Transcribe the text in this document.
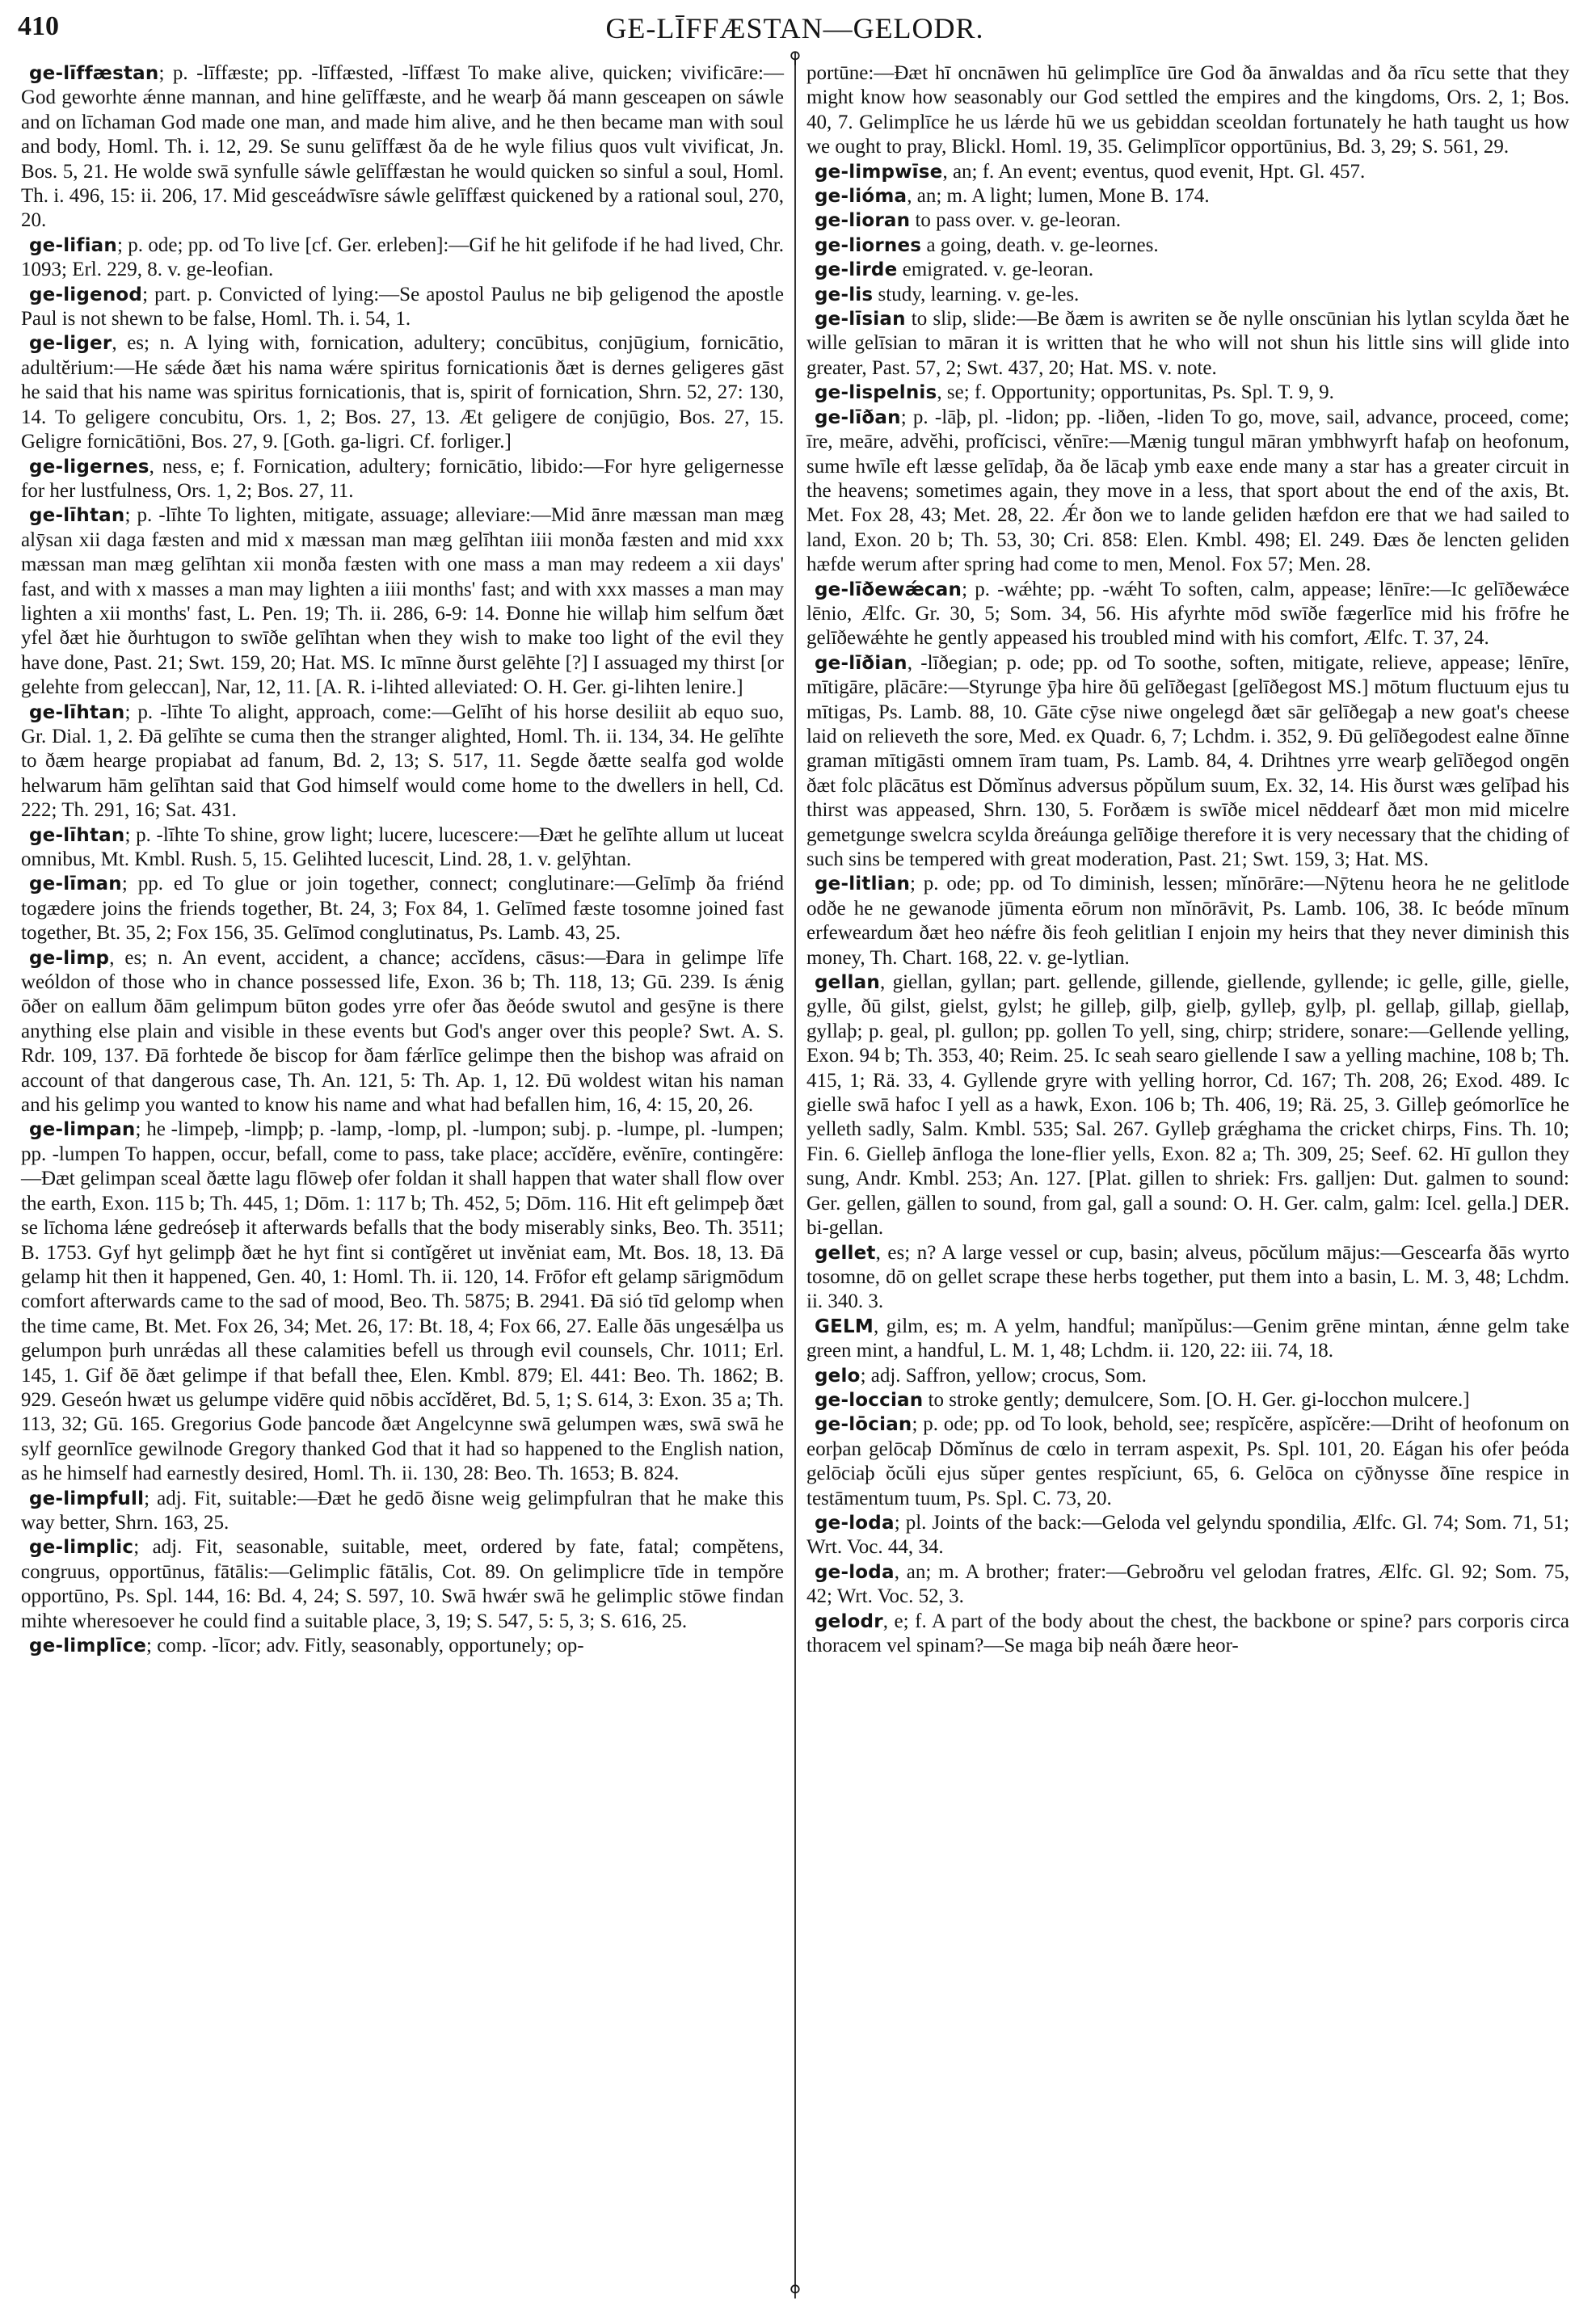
410	GE-LĪFFÆSTAN—GELODR.
⚲
⚲

ge-līffæstan; p. -līffæste; pp. -līffæsted, -līffæst To make alive, quicken; vivificāre:—God geworhte ǽnne mannan, and hine gelīffæste, and he wearþ ðá mann gesceapen on sáwle and on līchaman God made one man, and made him alive, and he then became man with soul and body, Homl. Th. i. 12, 29. Se sunu gelīffæst ða de he wyle filius quos vult vivificat, Jn. Bos. 5, 21. He wolde swā synfulle sáwle gelīffæstan he would quicken so sinful a soul, Homl. Th. i. 496, 15: ii. 206, 17. Mid gesceádwīsre sáwle gelīffæst quickened by a rational soul, 270, 20.

ge-lifian; p. ode; pp. od To live [cf. Ger. erleben]:—Gif he hit gelifode if he had lived, Chr. 1093; Erl. 229, 8. v. ge-leofian.

ge-ligenod; part. p. Convicted of lying:—Se apostol Paulus ne biþ geligenod the apostle Paul is not shewn to be false, Homl. Th. i. 54, 1.

ge-liger, es; n. A lying with, fornication, adultery; concūbitus, conjūgium, fornicātio, adultĕrium:—He sǽde ðæt his nama wǽre spiritus fornicationis ðæt is dernes geligeres gāst he said that his name was spiritus fornicationis, that is, spirit of fornication, Shrn. 52, 27: 130, 14. To geligere concubitu, Ors. 1, 2; Bos. 27, 13. Æt geligere de conjūgio, Bos. 27, 15. Geligre fornicātiōni, Bos. 27, 9. [Goth. ga-ligri. Cf. forliger.]

ge-ligernes, ness, e; f. Fornication, adultery; fornicātio, libido:—For hyre geligernesse for her lustfulness, Ors. 1, 2; Bos. 27, 11.

ge-līhtan; p. -līhte To lighten, mitigate, assuage; alleviare:—Mid ānre mæssan man mæg alȳsan xii daga fæsten and mid x mæssan man mæg gelīhtan iiii monða fæsten and mid xxx mæssan man mæg gelīhtan xii monða fæsten with one mass a man may redeem a xii days' fast, and with x masses a man may lighten a iiii months' fast; and with xxx masses a man may lighten a xii months' fast, L. Pen. 19; Th. ii. 286, 6-9: 14. Ðonne hie willaþ him selfum ðæt yfel ðæt hie ðurhtugon to swīðe gelīhtan when they wish to make too light of the evil they have done, Past. 21; Swt. 159, 20; Hat. MS. Ic mīnne ðurst gelēhte [?] I assuaged my thirst [or gelehte from geleccan], Nar, 12, 11. [A. R. i-lihted alleviated: O. H. Ger. gi-lihten lenire.]

ge-līhtan; p. -līhte To alight, approach, come:—Gelīht of his horse desiliit ab equo suo, Gr. Dial. 1, 2. Ðā gelīhte se cuma then the stranger alighted, Homl. Th. ii. 134, 34. He gelīhte to ðæm hearge propiabat ad fanum, Bd. 2, 13; S. 517, 11. Segde ðætte sealfa god wolde helwarum hām gelīhtan said that God himself would come home to the dwellers in hell, Cd. 222; Th. 291, 16; Sat. 431.

ge-līhtan; p. -līhte To shine, grow light; lucere, lucescere:—Ðæt he gelīhte allum ut luceat omnibus, Mt. Kmbl. Rush. 5, 15. Gelihted lucescit, Lind. 28, 1. v. gelȳhtan.

ge-līman; pp. ed To glue or join together, connect; conglutinare:—Gelīmþ ða friénd togædere joins the friends together, Bt. 24, 3; Fox 84, 1. Gelīmed fæste tosomne joined fast together, Bt. 35, 2; Fox 156, 35. Gelīmod conglutinatus, Ps. Lamb. 43, 25.

ge-limp, es; n. An event, accident, a chance; accĭdens, cāsus:—Ðara in gelimpe līfe weóldon of those who in chance possessed life, Exon. 36 b; Th. 118, 13; Gū. 239. Is ǽnig ōðer on eallum ðām gelimpum būton godes yrre ofer ðas ðeóde swutol and gesȳne is there anything else plain and visible in these events but God's anger over this people? Swt. A. S. Rdr. 109, 137. Ðā forhtede ðe biscop for ðam fǽrlīce gelimpe then the bishop was afraid on account of that dangerous case, Th. An. 121, 5: Th. Ap. 1, 12. Ðū woldest witan his naman and his gelimp you wanted to know his name and what had befallen him, 16, 4: 15, 20, 26.

ge-limpan; he -limpeþ, -limpþ; p. -lamp, -lomp, pl. -lumpon; subj. p. -lumpe, pl. -lumpen; pp. -lumpen To happen, occur, befall, come to pass, take place; accĭdĕre, evĕnīre, contingĕre:—Ðæt gelimpan sceal ðætte lagu flōweþ ofer foldan it shall happen that water shall flow over the earth, Exon. 115 b; Th. 445, 1; Dōm. 1: 117 b; Th. 452, 5; Dōm. 116. Hit eft gelimpeþ ðæt se līchoma lǽne gedreóseþ it afterwards befalls that the body miserably sinks, Beo. Th. 3511; B. 1753. Gyf hyt gelimpþ ðæt he hyt fint si contĭgĕret ut invĕniat eam, Mt. Bos. 18, 13. Ðā gelamp hit then it happened, Gen. 40, 1: Homl. Th. ii. 120, 14. Frōfor eft gelamp sārigmōdum comfort afterwards came to the sad of mood, Beo. Th. 5875; B. 2941. Ðā sió tīd gelomp when the time came, Bt. Met. Fox 26, 34; Met. 26, 17: Bt. 18, 4; Fox 66, 27. Ealle ðās ungesǽlþa us gelumpon þurh unrǽdas all these calamities befell us through evil counsels, Chr. 1011; Erl. 145, 1. Gif ðē ðæt gelimpe if that befall thee, Elen. Kmbl. 879; El. 441: Beo. Th. 1862; B. 929. Geseón hwæt us gelumpe vidēre quid nōbis accĭdĕret, Bd. 5, 1; S. 614, 3: Exon. 35 a; Th. 113, 32; Gū. 165. Gregorius Gode þancode ðæt Angelcynne swā gelumpen wæs, swā swā he sylf geornlīce gewilnode Gregory thanked God that it had so happened to the English nation, as he himself had earnestly desired, Homl. Th. ii. 130, 28: Beo. Th. 1653; B. 824.

ge-limpfull; adj. Fit, suitable:—Ðæt he gedō ðisne weig gelimpfulran that he make this way better, Shrn. 163, 25.

ge-limplic; adj. Fit, seasonable, suitable, meet, ordered by fate, fatal; compĕtens, congruus, opportūnus, fātālis:—Gelimplic fātālis, Cot. 89. On gelimplicre tīde in tempŏre opportūno, Ps. Spl. 144, 16: Bd. 4, 24; S. 597, 10. Swā hwǽr swā he gelimplic stōwe findan mihte wheresoever he could find a suitable place, 3, 19; S. 547, 5: 5, 3; S. 616, 25.

ge-limplīce; comp. -līcor; adv. Fitly, seasonably, opportunely; op-

portūne:—Ðæt hī oncnāwen hū gelimplīce ūre God ða ānwaldas and ða rīcu sette that they might know how seasonably our God settled the empires and the kingdoms, Ors. 2, 1; Bos. 40, 7. Gelimplīce he us lǽrde hū we us gebiddan sceoldan fortunately he hath taught us how we ought to pray, Blickl. Homl. 19, 35. Gelimplīcor opportūnius, Bd. 3, 29; S. 561, 29.

ge-limpwīse, an; f. An event; eventus, quod evenit, Hpt. Gl. 457.

ge-lióma, an; m. A light; lumen, Mone B. 174.

ge-lioran to pass over. v. ge-leoran.

ge-liornes a going, death. v. ge-leornes.

ge-lirde emigrated. v. ge-leoran.

ge-lis study, learning. v. ge-les.

ge-līsian to slip, slide:—Be ðæm is awriten se ðe nylle onscūnian his lytlan scylda ðæt he wille gelīsian to māran it is written that he who will not shun his little sins will glide into greater, Past. 57, 2; Swt. 437, 20; Hat. MS. v. note.

ge-lispelnis, se; f. Opportunity; opportunitas, Ps. Spl. T. 9, 9.

ge-līðan; p. -lāþ, pl. -lidon; pp. -liðen, -liden To go, move, sail, advance, proceed, come; īre, meāre, advĕhi, profĭcisci, vĕnīre:—Mænig tungul māran ymbhwyrft hafaþ on heofonum, sume hwīle eft læsse gelīdaþ, ða ðe lācaþ ymb eaxe ende many a star has a greater circuit in the heavens; sometimes again, they move in a less, that sport about the end of the axis, Bt. Met. Fox 28, 43; Met. 28, 22. Ǽr ðon we to lande geliden hæfdon ere that we had sailed to land, Exon. 20 b; Th. 53, 30; Cri. 858: Elen. Kmbl. 498; El. 249. Ðæs ðe lencten geliden hæfde werum after spring had come to men, Menol. Fox 57; Men. 28.

ge-līðewǽcan; p. -wǽhte; pp. -wǽht To soften, calm, appease; lēnīre:—Ic gelīðewǽce lēnio, Ælfc. Gr. 30, 5; Som. 34, 56. His afyrhte mōd swīðe fægerlīce mid his frōfre he gelīðewǽhte he gently appeased his troubled mind with his comfort, Ælfc. T. 37, 24.

ge-līðian, -līðegian; p. ode; pp. od To soothe, soften, mitigate, relieve, appease; lēnīre, mītigāre, plācāre:—Styrunge ȳþa hire ðū gelīðegast [gelīðegost MS.] mōtum fluctuum ejus tu mītigas, Ps. Lamb. 88, 10. Gāte cȳse niwe ongelegd ðæt sār gelīðegaþ a new goat's cheese laid on relieveth the sore, Med. ex Quadr. 6, 7; Lchdm. i. 352, 9. Ðū gelīðegodest ealne ðīnne graman mītigāsti omnem īram tuam, Ps. Lamb. 84, 4. Drihtnes yrre wearþ gelīðegod ongēn ðæt folc plācātus est Dŏmĭnus adversus pŏpŭlum suum, Ex. 32, 14. His ðurst wæs gelīþad his thirst was appeased, Shrn. 130, 5. Forðæm is swīðe micel nēddearf ðæt mon mid micelre gemetgunge swelcra scylda ðreáunga gelīðige therefore it is very necessary that the chiding of such sins be tempered with great moderation, Past. 21; Swt. 159, 3; Hat. MS.

ge-litlian; p. ode; pp. od To diminish, lessen; mĭnōrāre:—Nȳtenu heora he ne gelitlode odðe he ne gewanode jūmenta eōrum non mĭnōrāvit, Ps. Lamb. 106, 38. Ic beóde mīnum erfeweardum ðæt heo nǽfre ðis feoh gelitlian I enjoin my heirs that they never diminish this money, Th. Chart. 168, 22. v. ge-lytlian.

gellan, giellan, gyllan; part. gellende, gillende, giellende, gyllende; ic gelle, gille, gielle, gylle, ðū gilst, gielst, gylst; he gilleþ, gilþ, gielþ, gylleþ, gylþ, pl. gellaþ, gillaþ, giellaþ, gyllaþ; p. geal, pl. gullon; pp. gollen To yell, sing, chirp; stridere, sonare:—Gellende yelling, Exon. 94 b; Th. 353, 40; Reim. 25. Ic seah searo giellende I saw a yelling machine, 108 b; Th. 415, 1; Rä. 33, 4. Gyllende gryre with yelling horror, Cd. 167; Th. 208, 26; Exod. 489. Ic gielle swā hafoc I yell as a hawk, Exon. 106 b; Th. 406, 19; Rä. 25, 3. Gilleþ geómorlīce he yelleth sadly, Salm. Kmbl. 535; Sal. 267. Gylleþ grǽghama the cricket chirps, Fins. Th. 10; Fin. 6. Gielleþ ānfloga the lone-flier yells, Exon. 82 a; Th. 309, 25; Seef. 62. Hī gullon they sung, Andr. Kmbl. 253; An. 127. [Plat. gillen to shriek: Frs. galljen: Dut. galmen to sound: Ger. gellen, gällen to sound, from gal, gall a sound: O. H. Ger. calm, galm: Icel. gella.] DER. bi-gellan.

gellet, es; n? A large vessel or cup, basin; alveus, pōcŭlum mājus:—Gescearfa ðās wyrto tosomne, dō on gellet scrape these herbs together, put them into a basin, L. M. 3, 48; Lchdm. ii. 340. 3.

GELM, gilm, es; m. A yelm, handful; manĭpŭlus:—Genim grēne mintan, ǽnne gelm take green mint, a handful, L. M. 1, 48; Lchdm. ii. 120, 22: iii. 74, 18.

gelo; adj. Saffron, yellow; crocus, Som.

ge-loccian to stroke gently; demulcere, Som. [O. H. Ger. gi-locchon mulcere.]

ge-lōcian; p. ode; pp. od To look, behold, see; respĭcĕre, aspĭcĕre:—Driht of heofonum on eorþan gelōcaþ Dŏmĭnus de cœlo in terram aspexit, Ps. Spl. 101, 20. Eágan his ofer þeóda gelōciaþ ŏcŭli ejus sŭper gentes respĭciunt, 65, 6. Gelōca on cȳðnysse ðīne respice in testāmentum tuum, Ps. Spl. C. 73, 20.

ge-loda; pl. Joints of the back:—Geloda vel gelyndu spondilia, Ælfc. Gl. 74; Som. 71, 51; Wrt. Voc. 44, 34.

ge-loda, an; m. A brother; frater:—Gebroðru vel gelodan fratres, Ælfc. Gl. 92; Som. 75, 42; Wrt. Voc. 52, 3.

gelodr, e; f. A part of the body about the chest, the backbone or spine? pars corporis circa thoracem vel spinam?—Se maga biþ neáh ðære heor-
